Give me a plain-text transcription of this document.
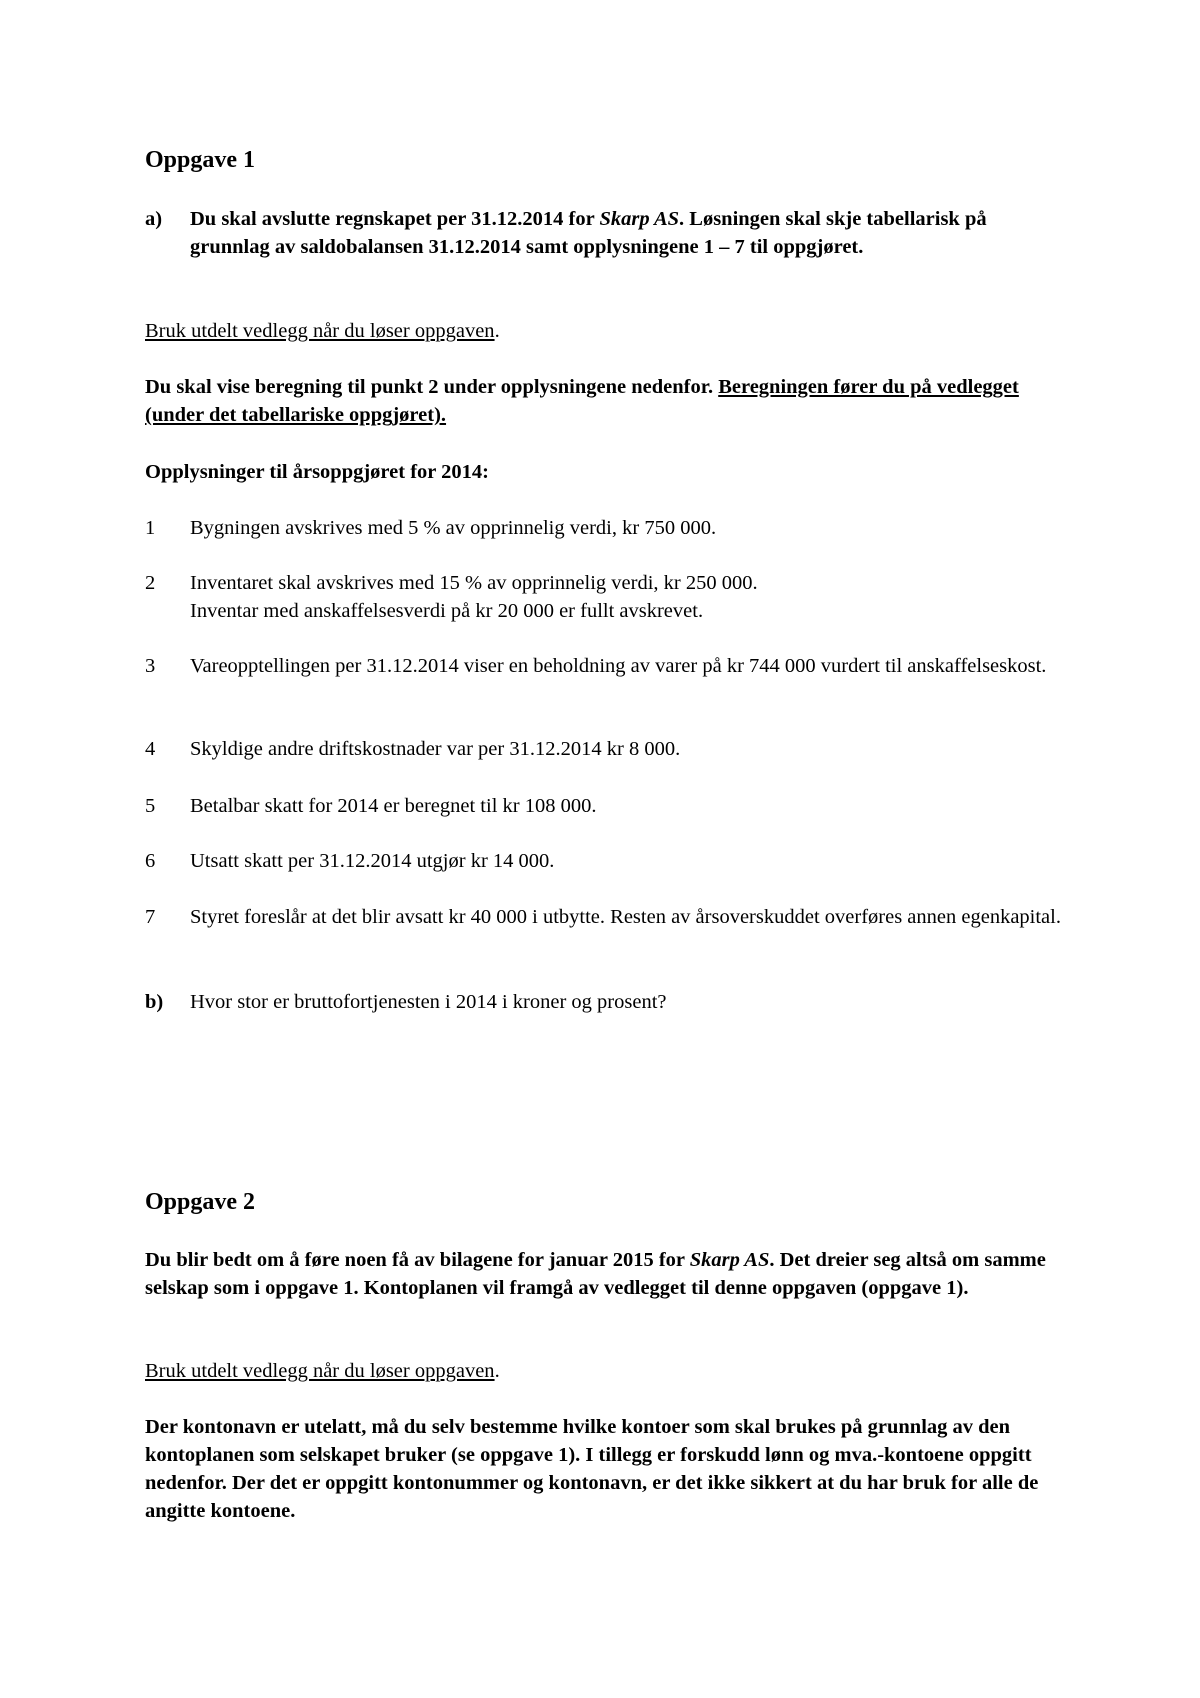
Oppgave 1
a) Du skal avslutte regnskapet per 31.12.2014 for Skarp AS. Løsningen skal skje tabellarisk på grunnlag av saldobalansen 31.12.2014 samt opplysningene 1 – 7 til oppgjøret.
Bruk utdelt vedlegg når du løser oppgaven.
Du skal vise beregning til punkt 2 under opplysningene nedenfor. Beregningen fører du på vedlegget (under det tabellariske oppgjøret).
Opplysninger til årsoppgjøret for 2014:
1 Bygningen avskrives med 5 % av opprinnelig verdi, kr 750 000.
2 Inventaret skal avskrives med 15 % av opprinnelig verdi, kr 250 000.
Inventar med anskaffelsesverdi på kr 20 000 er fullt avskrevet.
3 Vareopptellingen per 31.12.2014 viser en beholdning av varer på kr 744 000 vurdert til anskaffelseskost.
4 Skyldige andre driftskostnader var per 31.12.2014 kr 8 000.
5 Betalbar skatt for 2014 er beregnet til kr 108 000.
6 Utsatt skatt per 31.12.2014 utgjør kr 14 000.
7 Styret foreslår at det blir avsatt kr 40 000 i utbytte. Resten av årsoverskuddet overføres annen egenkapital.
b) Hvor stor er bruttofortjenesten i 2014 i kroner og prosent?
Oppgave 2
Du blir bedt om å føre noen få av bilagene for januar 2015 for Skarp AS. Det dreier seg altså om samme selskap som i oppgave 1. Kontoplanen vil framgå av vedlegget til denne oppgaven (oppgave 1).
Bruk utdelt vedlegg når du løser oppgaven.
Der kontonavn er utelatt, må du selv bestemme hvilke kontoer som skal brukes på grunnlag av den kontoplanen som selskapet bruker (se oppgave 1). I tillegg er forskudd lønn og mva.-kontoene oppgitt nedenfor. Der det er oppgitt kontonummer og kontonavn, er det ikke sikkert at du har bruk for alle de angitte kontoene.
